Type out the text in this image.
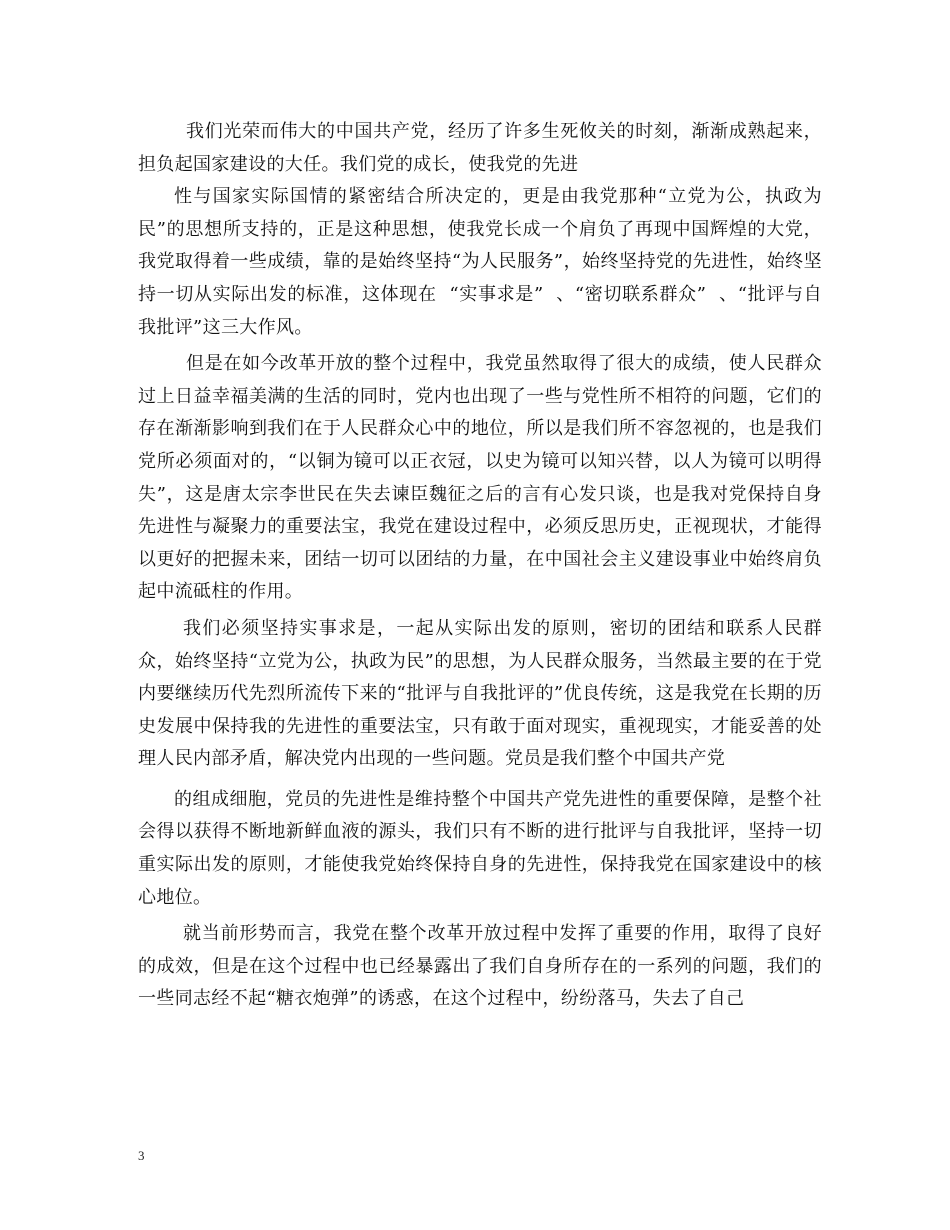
我们光荣而伟大的中国共产党，经历了许多生死攸关的时刻，渐渐成熟起来，担负起国家建设的大任。我们党的成长，使我党的先进

性与国家实际国情的紧密结合所决定的，更是由我党那种“立党为公，执政为民”的思想所支持的，正是这种思想，使我党长成一个肩负了再现中国辉煌的大党，我党取得着一些成绩，靠的是始终坚持“为人民服务”，始终坚持党的先进性，始终坚持一切从实际出发的标准，这体现在  “实事求是”  、“密切联系群众”  、“批评与自我批评”这三大作风。

但是在如今改革开放的整个过程中，我党虽然取得了很大的成绩，使人民群众过上日益幸福美满的生活的同时，党内也出现了一些与党性所不相符的问题，它们的存在渐渐影响到我们在于人民群众心中的地位，所以是我们所不容忽视的，也是我们党所必须面对的，“以铜为镜可以正衣冠，以史为镜可以知兴替，以人为镜可以明得失”，这是唐太宗李世民在失去谏臣魏征之后的言有心发只谈，也是我对党保持自身先进性与凝聚力的重要法宝，我党在建设过程中，必须反思历史，正视现状，才能得以更好的把握未来，团结一切可以团结的力量，在中国社会主义建设事业中始终肩负起中流砥柱的作用。

我们必须坚持实事求是，一起从实际出发的原则，密切的团结和联系人民群众，始终坚持“立党为公，执政为民”的思想，为人民群众服务，当然最主要的在于党内要继续历代先烈所流传下来的“批评与自我批评的”优良传统，这是我党在长期的历史发展中保持我的先进性的重要法宝，只有敢于面对现实，重视现实，才能妥善的处理人民内部矛盾，解决党内出现的一些问题。党员是我们整个中国共产党

的组成细胞，党员的先进性是维持整个中国共产党先进性的重要保障，是整个社会得以获得不断地新鲜血液的源头，我们只有不断的进行批评与自我批评，坚持一切重实际出发的原则，才能使我党始终保持自身的先进性，保持我党在国家建设中的核心地位。

就当前形势而言，我党在整个改革开放过程中发挥了重要的作用，取得了良好的成效，但是在这个过程中也已经暴露出了我们自身所存在的一系列的问题，我们的一些同志经不起“糖衣炮弹”的诱惑，在这个过程中，纷纷落马，失去了自己

3
